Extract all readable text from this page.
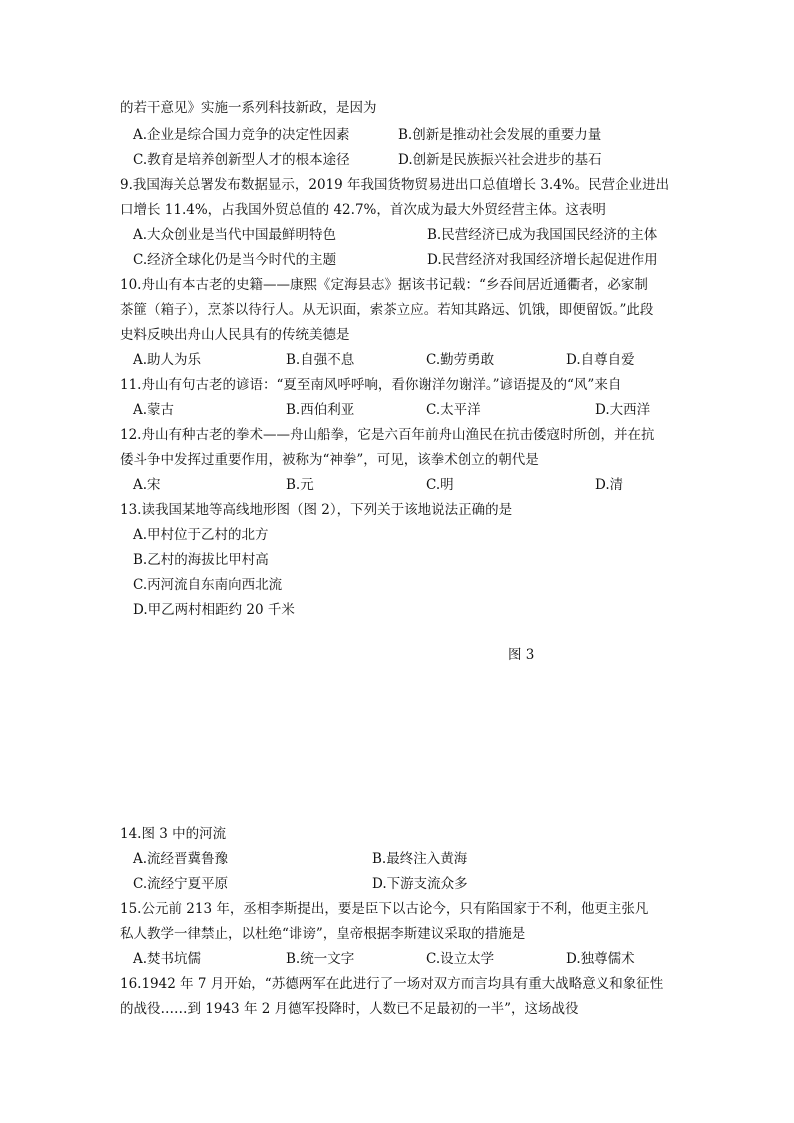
的若干意见》实施一系列科技新政，是因为
A.企业是综合国力竞争的决定性因素	B.创新是推动社会发展的重要力量
C.教育是培养创新型人才的根本途径	D.创新是民族振兴社会进步的基石
9.我国海关总署发布数据显示，2019 年我国货物贸易进出口总值增长 3.4%。民营企业进出
口增长 11.4%，占我国外贸总值的 42.7%，首次成为最大外贸经营主体。这表明
A.大众创业是当代中国最鲜明特色	B.民营经济已成为我国国民经济的主体
C.经济全球化仍是当今时代的主题	D.民营经济对我国经济增长起促进作用
10.舟山有本古老的史籍——康熙《定海县志》据该书记载：“乡吞间居近通衢者，必家制
茶篚（箱子），烹茶以待行人。从无识面，索茶立应。若知其路远、饥饿，即便留饭。”此段
史料反映出舟山人民具有的传统美德是
A.助人为乐	B.自强不息	C.勤劳勇敢	D.自尊自爱
11.舟山有句古老的谚语：“夏至南风呼呼响，看你谢洋勿谢洋。”谚语提及的“风”来自
A.蒙古	B.西伯利亚	C.太平洋	D.大西洋
12.舟山有种古老的拳术——舟山船拳，它是六百年前舟山渔民在抗击倭寇时所创，并在抗
倭斗争中发挥过重要作用，被称为“神拳”，可见，该拳术创立的朝代是
A.宋	B.元	C.明	D.清
13.读我国某地等高线地形图（图 2），下列关于该地说法正确的是
A.甲村位于乙村的北方
B.乙村的海拔比甲村高
C.丙河流自东南向西北流
D.甲乙两村相距约 20 千米
图 3
14.图 3 中的河流
A.流经晋冀鲁豫	B.最终注入黄海
C.流经宁夏平原	D.下游支流众多
15.公元前 213 年，丞相李斯提出，要是臣下以古论今，只有陷国家于不利，他更主张凡
私人教学一律禁止，以杜绝“诽谤”，皇帝根据李斯建议采取的措施是
A.焚书坑儒	B.统一文字	C.设立太学	D.独尊儒术
16.1942 年 7 月开始，“苏德两军在此进行了一场对双方而言均具有重大战略意义和象征性
的战役……到 1943 年 2 月德军投降时，人数已不足最初的一半”，这场战役
